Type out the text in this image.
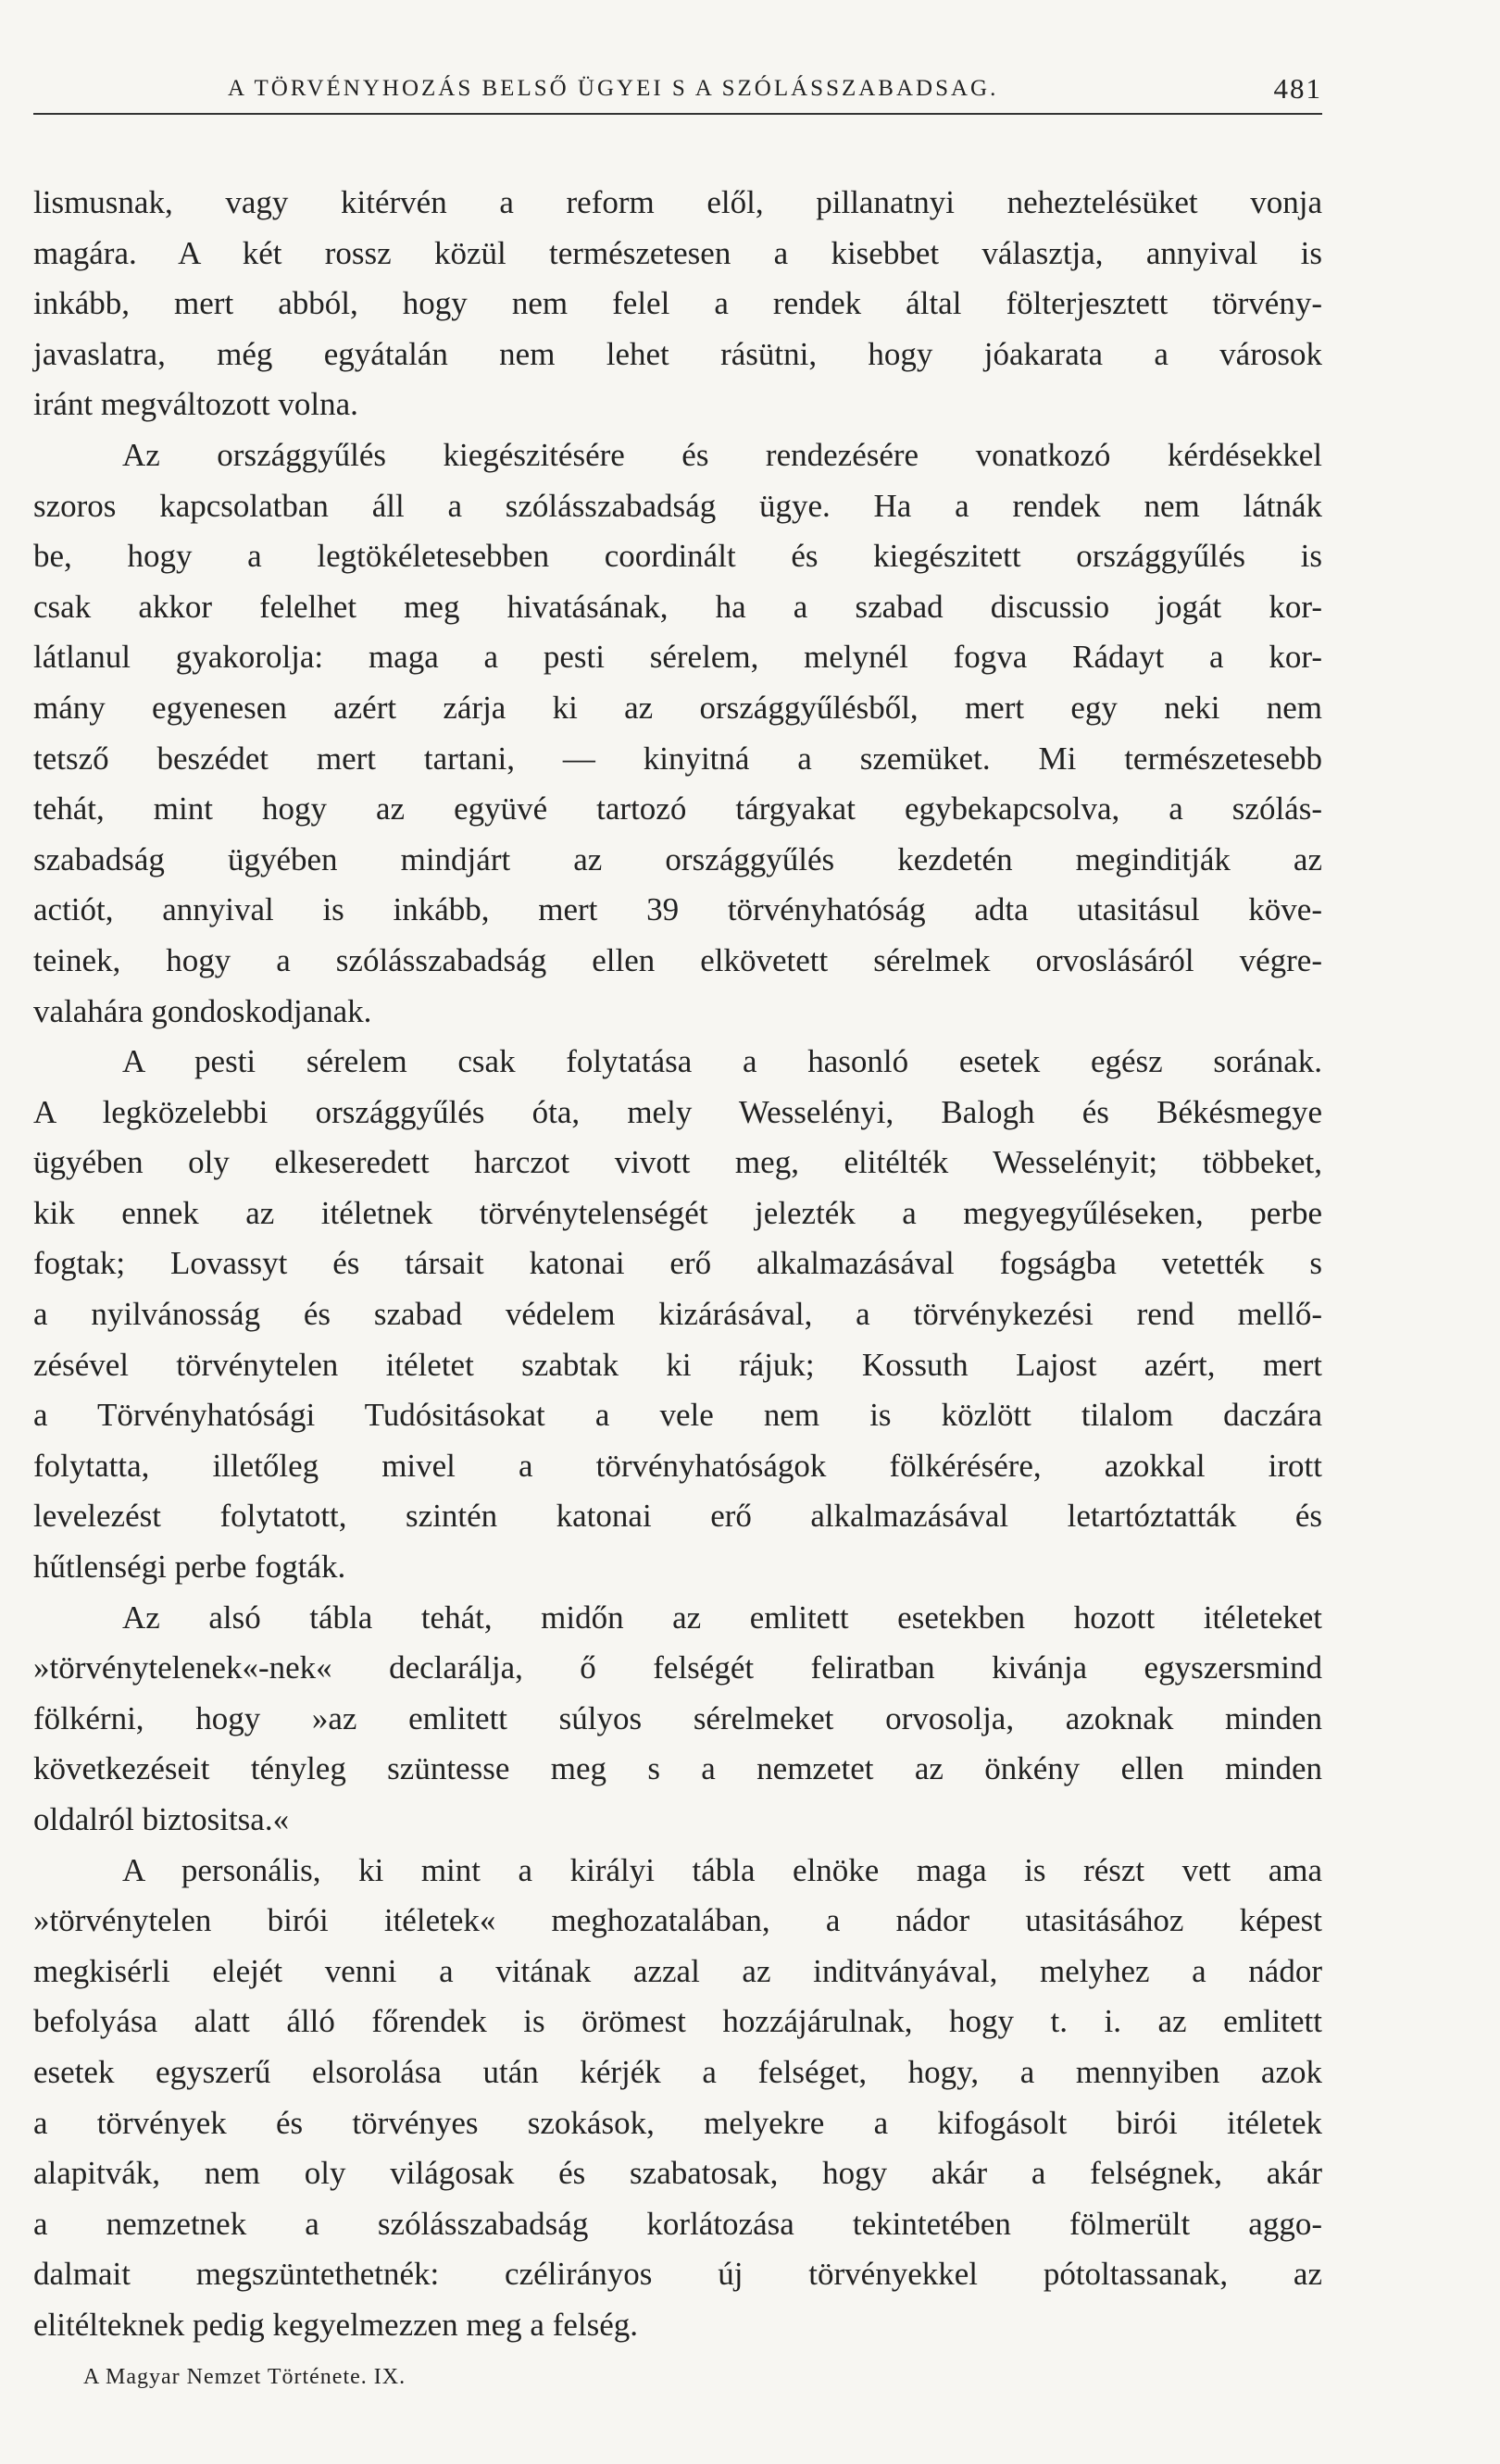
A TÖRVÉNYHOZÁS BELSŐ ÜGYEI S A SZÓLÁSSZABADSAG.	481
lismusnak, vagy kitérvén a reform elől, pillanatnyi neheztelésüket vonja
magára. A két rossz közül természetesen a kisebbet választja, annyival is
inkább, mert abból, hogy nem felel a rendek által fölterjesztett törvény-
javaslatra, még egyátalán nem lehet rásütni, hogy jóakarata a városok
iránt megváltozott volna.
Az országgyűlés kiegészitésére és rendezésére vonatkozó kérdésekkel
szoros kapcsolatban áll a szólásszabadság ügye. Ha a rendek nem látnák
be, hogy a legtökéletesebben coordinált és kiegészitett országgyűlés is
csak akkor felelhet meg hivatásának, ha a szabad discussio jogát kor-
látlanul gyakorolja: maga a pesti sérelem, melynél fogva Rádayt a kor-
mány egyenesen azért zárja ki az országgyűlésből, mert egy neki nem
tetsző beszédet mert tartani, — kinyitná a szemüket. Mi természetesebb
tehát, mint hogy az együvé tartozó tárgyakat egybekapcsolva, a szólás-
szabadság ügyében mindjárt az országgyűlés kezdetén meginditják az
actiót, annyival is inkább, mert 39 törvényhatóság adta utasitásul köve-
teinek, hogy a szólásszabadság ellen elkövetett sérelmek orvoslásáról végre-
valahára gondoskodjanak.
A pesti sérelem csak folytatása a hasonló esetek egész sorának.
A legközelebbi országgyűlés óta, mely Wesselényi, Balogh és Békésmegye
ügyében oly elkeseredett harczot vivott meg, elitélték Wesselényit; többeket,
kik ennek az itéletnek törvénytelenségét jelezték a megyegyűléseken, perbe
fogtak; Lovassyt és társait katonai erő alkalmazásával fogságba vetették s
a nyilvánosság és szabad védelem kizárásával, a törvénykezési rend mellő-
zésével törvénytelen itéletet szabtak ki rájuk; Kossuth Lajost azért, mert
a Törvényhatósági Tudósitásokat a vele nem is közlött tilalom daczára
folytatta, illetőleg mivel a törvényhatóságok fölkérésére, azokkal irott
levelezést folytatott, szintén katonai erő alkalmazásával letartóztatták és
hűtlenségi perbe fogták.
Az alsó tábla tehát, midőn az emlitett esetekben hozott itéleteket
»törvénytelenek«-nek« declarálja, ő felségét feliratban kivánja egyszersmind
fölkérni, hogy »az emlitett súlyos sérelmeket orvosolja, azoknak minden
következéseit tényleg szüntesse meg s a nemzetet az önkény ellen minden
oldalról biztositsa.«
A personális, ki mint a királyi tábla elnöke maga is részt vett ama
»törvénytelen birói itéletek« meghozatalában, a nádor utasitásához képest
megkisérli elejét venni a vitának azzal az inditványával, melyhez a nádor
befolyása alatt álló főrendek is örömest hozzájárulnak, hogy t. i. az emlitett
esetek egyszerű elsorolása után kérjék a felséget, hogy, a mennyiben azok
a törvények és törvényes szokások, melyekre a kifogásolt birói itéletek
alapitvák, nem oly világosak és szabatosak, hogy akár a felségnek, akár
a nemzetnek a szólásszabadság korlátozása tekintetében fölmerült aggo-
dalmait megszüntethetnék: czélirányos új törvényekkel pótoltassanak, az
elitélteknek pedig kegyelmezzen meg a felség.
A Magyar Nemzet Története. IX.
